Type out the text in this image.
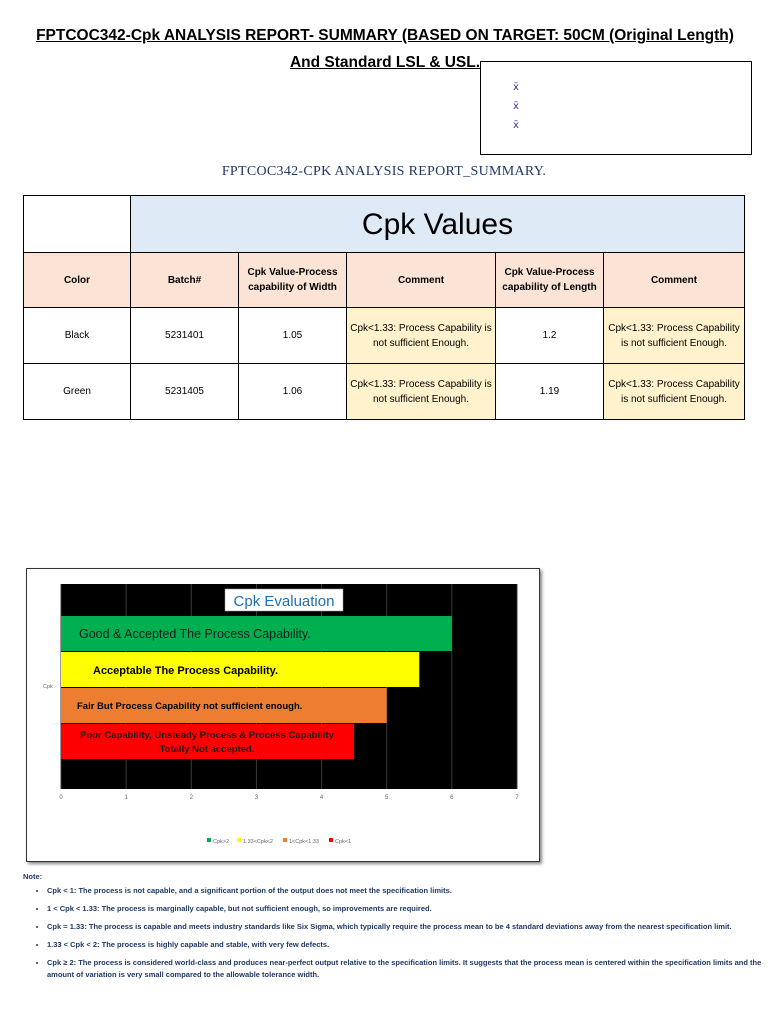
FPTCOC342-Cpk ANALYSIS REPORT- SUMMARY (BASED ON TARGET: 50CM (Original Length) And Standard LSL & USL.
x̄
x̄
x̄
FPTCOC342-CPK ANALYSIS REPORT_SUMMARY.
	Cpk Values				
Color	Batch#	Cpk Value-Process capability of Width	Comment	Cpk Value-Process capability of Length	Comment
Black	5231401	1.05	Cpk<1.33: Process Capability is not sufficient Enough.	1.2	Cpk<1.33: Process Capability is not sufficient Enough.
Green	5231405	1.06	Cpk<1.33: Process Capability is not sufficient Enough.	1.19	Cpk<1.33: Process Capability is not sufficient Enough.
0	1	2	3	4	5	6	7
Good & Accepted The Process Capability.
Acceptable The Process Capability.
Fair But Process Capability not sufficient enough.
Poor Capability, Unsteady Process & Process Capability Totally Not accepted.
Cpk Evaluation
Cpk
Cpk>2	1.33<Cpk<2	1<Cpk<1.33	Cpk<1
Note:
• Cpk < 1: The process is not capable, and a significant portion of the output does not meet the specification limits.
• 1 < Cpk < 1.33: The process is marginally capable, but not sufficient enough, so improvements are required.
• Cpk = 1.33: The process is capable and meets industry standards like Six Sigma, which typically require the process mean to be 4 standard deviations away from the nearest specification limit.
• 1.33 < Cpk < 2: The process is highly capable and stable, with very few defects.
• Cpk ≥ 2: The process is considered world-class and produces near-perfect output relative to the specification limits. It suggests that the process mean is centered within the specification limits and the amount of variation is very small compared to the allowable tolerance width.
